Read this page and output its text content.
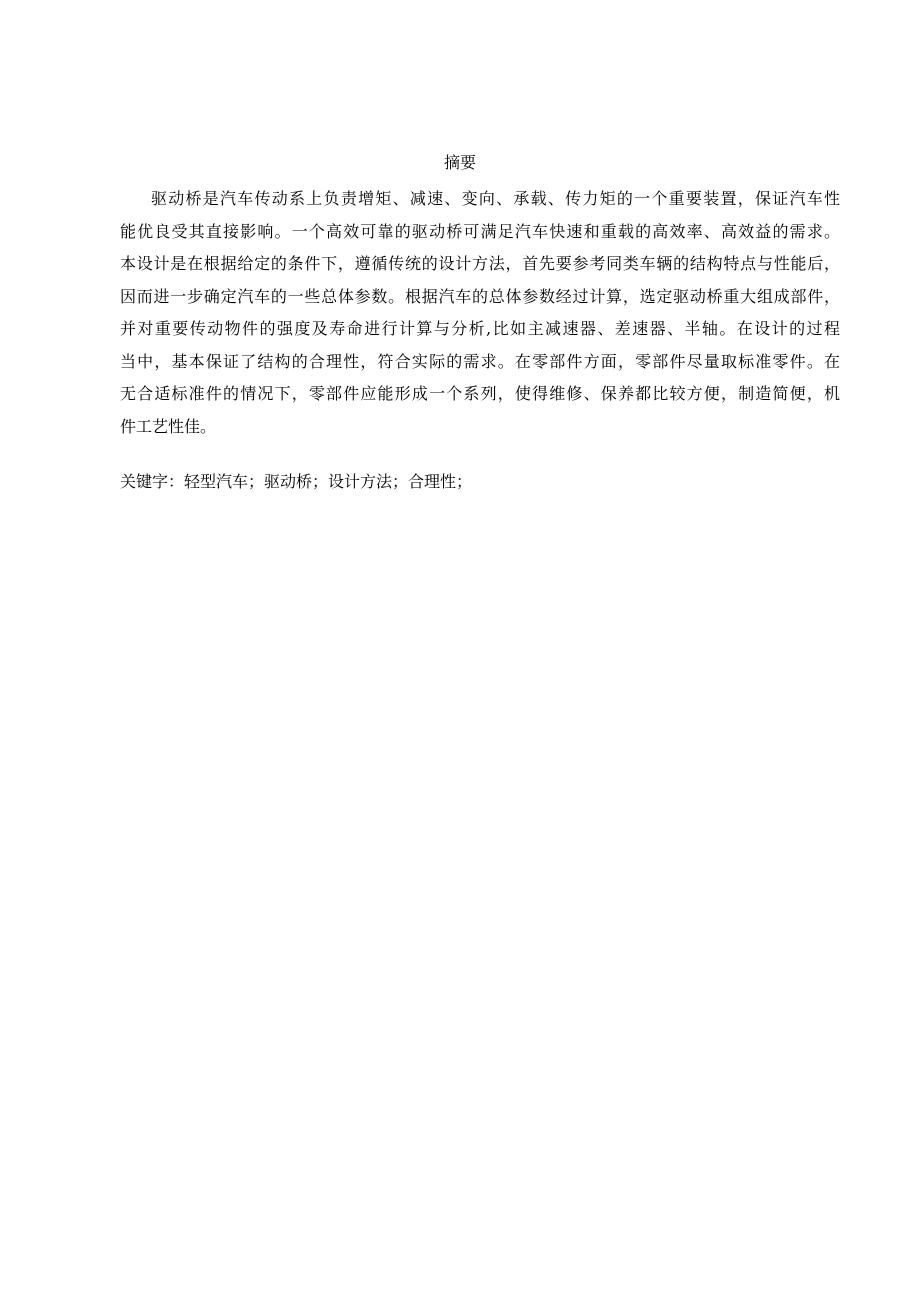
摘要
驱动桥是汽车传动系上负责增矩、减速、变向、承载、传力矩的一个重要装置，保证汽车性
能优良受其直接影响。一个高效可靠的驱动桥可满足汽车快速和重载的高效率、高效益的需求。
本设计是在根据给定的条件下，遵循传统的设计方法，首先要参考同类车辆的结构特点与性能后，
因而进一步确定汽车的一些总体参数。根据汽车的总体参数经过计算，选定驱动桥重大组成部件，
并对重要传动物件的强度及寿命进行计算与分析,比如主减速器、差速器、半轴。在设计的过程
当中，基本保证了结构的合理性，符合实际的需求。在零部件方面，零部件尽量取标准零件。在
无合适标准件的情况下，零部件应能形成一个系列，使得维修、保养都比较方便，制造简便，机
件工艺性佳。
关键字：轻型汽车；驱动桥；设计方法；合理性；
